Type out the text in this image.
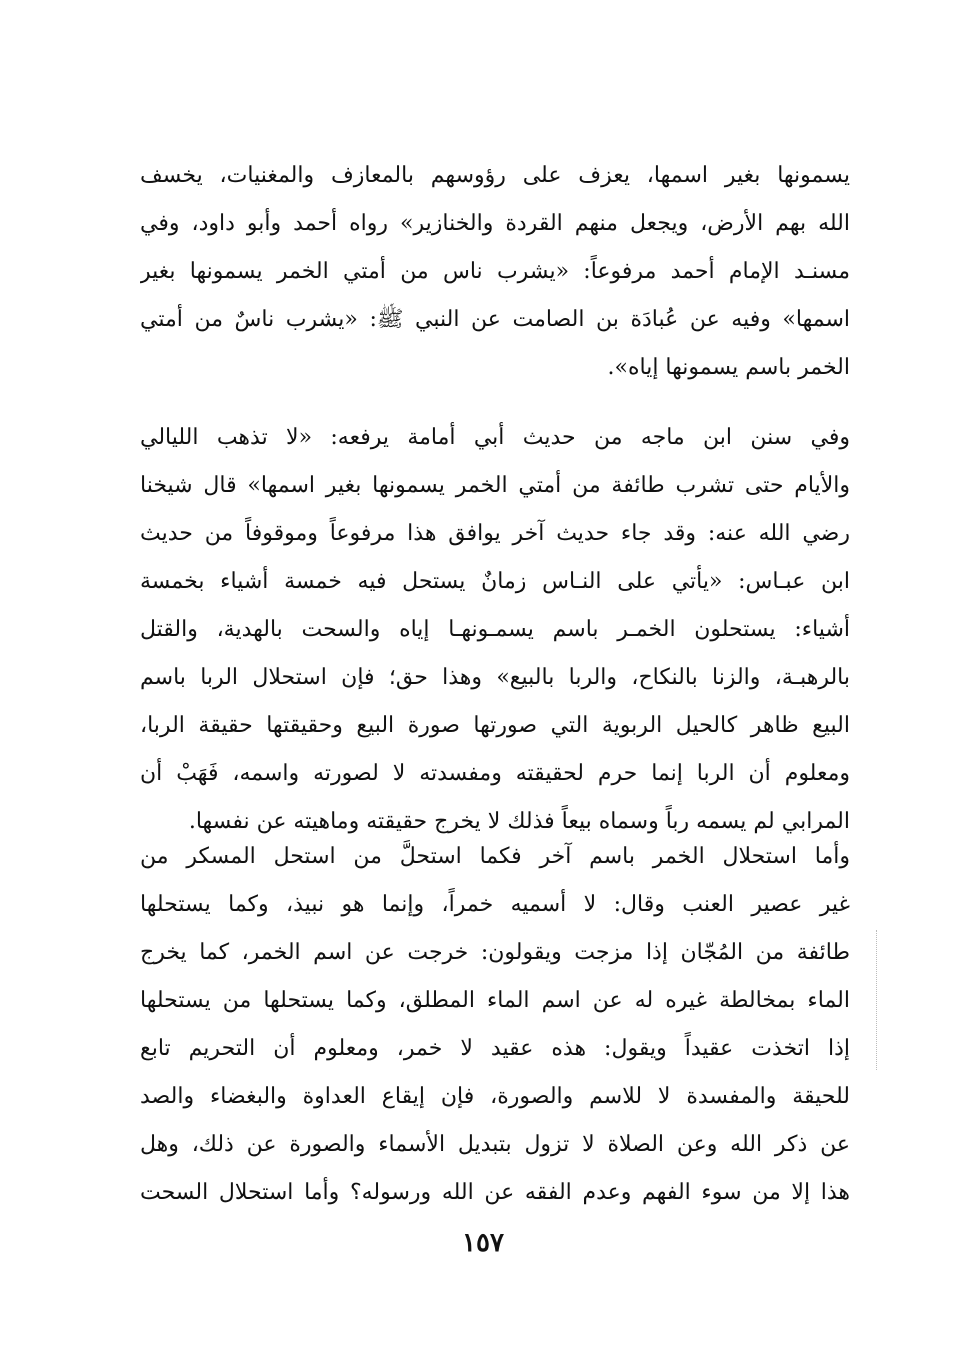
يسمونها بغير اسمها، يعزف على رؤوسهم بالمعازف والمغنيات، يخسف
الله بهم الأرض، ويجعل منهم القردة والخنازير» رواه أحمد وأبو داود، وفي
مسنـد الإمام أحمد مرفوعاً: «يشرب ناس من أمتي الخمر يسمونها بغير
اسمها» وفيه عن عُبادَة بن الصامت عن النبي ﷺ: «يشرب ناسٌ من أمتي
الخمر باسم يسمونها إياه».
وفي سنن ابن ماجه من حديث أبي أمامة يرفعه: «لا تذهب الليالي
والأيام حتى تشرب طائفة من أمتي الخمر يسمونها بغير اسمها» قال شيخنا
رضي الله عنه: وقد جاء حديث آخر يوافق هذا مرفوعاً وموقوفاً من حديث
ابن عبـاس: «يأتي على النـاس زمانٌ يستحل فيه خمسة أشياء بخمسة
أشياء: يستحلون الخمـر باسم يسمـونهـا إياه والسحت بالهدية، والقتل
بالرهبـة، والزنا بالنكاح، والربا بالبيع» وهذا حق؛ فإن استحلال الربا باسم
البيع ظاهر كالحيل الربوية التي صورتها صورة البيع وحقيقتها حقيقة الربا،
ومعلوم أن الربا إنما حرم لحقيقته ومفسدته لا لصورته واسمه، فَهَبْ أن
المرابي لم يسمه رباً وسماه بيعاً فذلك لا يخرج حقيقته وماهيته عن نفسها.
وأما استحلال الخمر باسم آخر فكما استحلَّ من استحل المسكر من
غير عصير العنب وقال: لا أسميه خمراً، وإنما هو نبيذ، وكما يستحلها
طائفة من المُجّان إذا مزجت ويقولون: خرجت عن اسم الخمر، كما يخرج
الماء بمخالطة غيره له عن اسم الماء المطلق، وكما يستحلها من يستحلها
إذا اتخذت عقيداً ويقول: هذه عقيد لا خمر، ومعلوم أن التحريم تابع
للحيقة والمفسدة لا للاسم والصورة، فإن إيقاع العداوة والبغضاء والصد
عن ذكر الله وعن الصلاة لا تزول بتبديل الأسماء والصورة عن ذلك، وهل
هذا إلا من سوء الفهم وعدم الفقه عن الله ورسوله؟ وأما استحلال السحت
١٥٧
